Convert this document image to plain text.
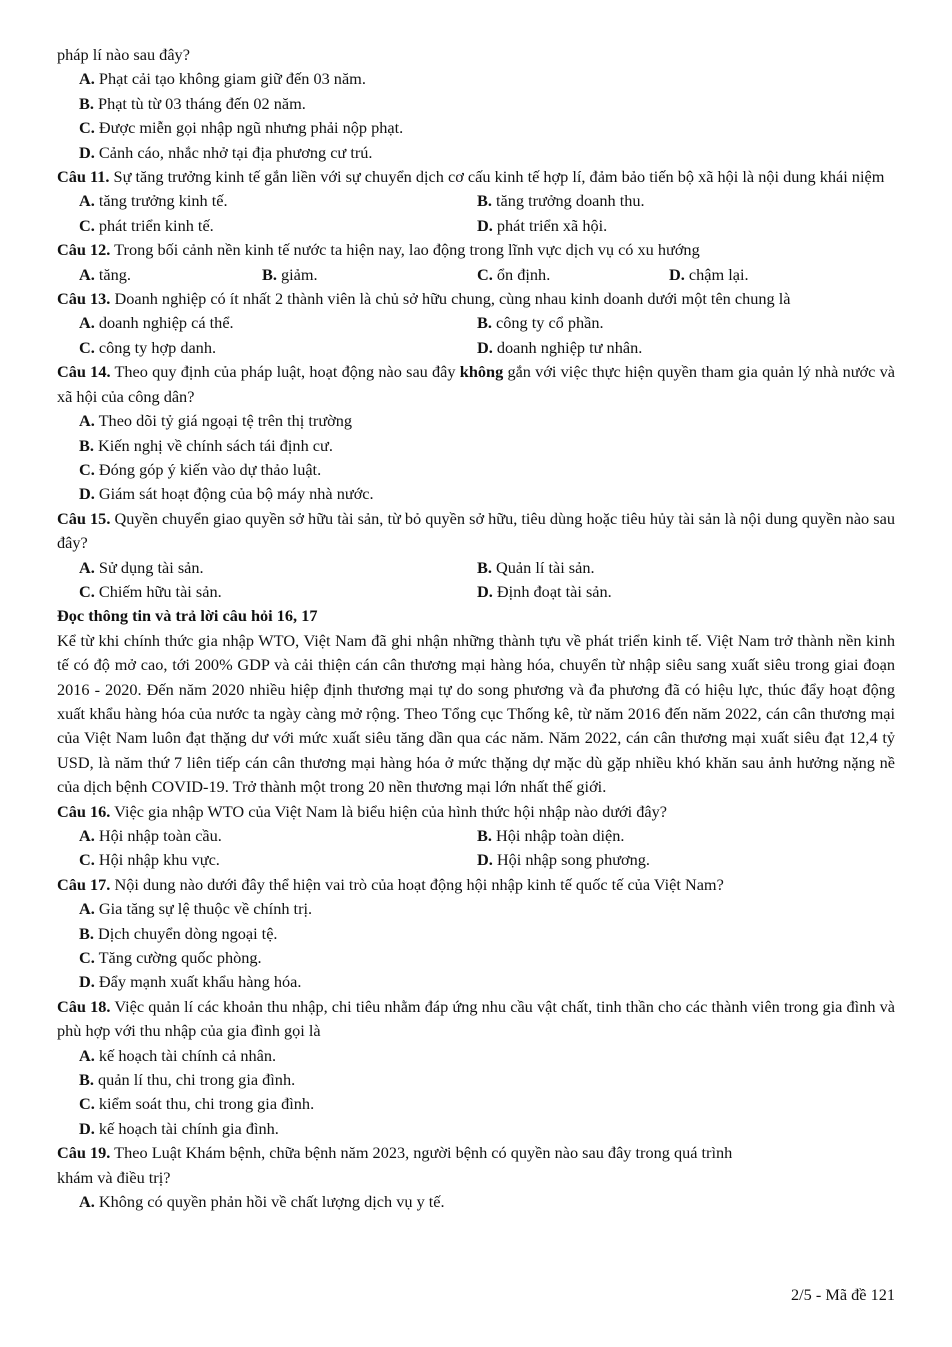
pháp lí nào sau đây?

A. Phạt cải tạo không giam giữ đến 03 năm.

B. Phạt tù từ 03 tháng đến 02 năm.

C. Được miễn gọi nhập ngũ nhưng phải nộp phạt.

D. Cảnh cáo, nhắc nhở tại địa phương cư trú.

Câu 11. Sự tăng trưởng kinh tế gắn liền với sự chuyển dịch cơ cấu kinh tế hợp lí, đảm bảo tiến bộ xã hội là nội dung khái niệm

A. tăng trưởng kinh tế.	B. tăng trưởng doanh thu.
C. phát triển kinh tế.	D. phát triển xã hội.

Câu 12. Trong bối cảnh nền kinh tế nước ta hiện nay, lao động trong lĩnh vực dịch vụ có xu hướng

A. tăng.	B. giảm.	C. ổn định.	D. chậm lại.

Câu 13. Doanh nghiệp có ít nhất 2 thành viên là chủ sở hữu chung, cùng nhau kinh doanh dưới một tên chung là

A. doanh nghiệp cá thể.	B. công ty cổ phần.
C. công ty hợp danh.	D. doanh nghiệp tư nhân.

Câu 14. Theo quy định của pháp luật, hoạt động nào sau đây không gắn với việc thực hiện quyền tham gia quản lý nhà nước và xã hội của công dân?

A. Theo dõi tỷ giá ngoại tệ trên thị trường

B. Kiến nghị về chính sách tái định cư.

C. Đóng góp ý kiến vào dự thảo luật.

D. Giám sát hoạt động của bộ máy nhà nước.

Câu 15. Quyền chuyển giao quyền sở hữu tài sản, từ bỏ quyền sở hữu, tiêu dùng hoặc tiêu hủy tài sản là nội dung quyền nào sau đây?

A. Sử dụng tài sản.	B. Quản lí tài sản.
C. Chiếm hữu tài sản.	D. Định đoạt tài sản.

Đọc thông tin và trả lời câu hỏi 16, 17

Kể từ khi chính thức gia nhập WTO, Việt Nam đã ghi nhận những thành tựu về phát triển kinh tế. Việt Nam trở thành nền kinh tế có độ mở cao, tới 200% GDP và cải thiện cán cân thương mại hàng hóa, chuyển từ nhập siêu sang xuất siêu trong giai đoạn 2016 - 2020. Đến năm 2020 nhiều hiệp định thương mại tự do song phương và đa phương đã có hiệu lực, thúc đẩy hoạt động xuất khẩu hàng hóa của nước ta ngày càng mở rộng. Theo Tổng cục Thống kê, từ năm 2016 đến năm 2022, cán cân thương mại của Việt Nam luôn đạt thặng dư với mức xuất siêu tăng dần qua các năm. Năm 2022, cán cân thương mại xuất siêu đạt 12,4 tỷ USD, là năm thứ 7 liên tiếp cán cân thương mại hàng hóa ở mức thặng dự mặc dù gặp nhiều khó khăn sau ảnh hưởng nặng nề của dịch bệnh COVID-19. Trở thành một trong 20 nền thương mại lớn nhất thế giới.

Câu 16. Việc gia nhập WTO của Việt Nam là biểu hiện của hình thức hội nhập nào dưới đây?

A. Hội nhập toàn cầu.	B. Hội nhập toàn diện.
C. Hội nhập khu vực.	D. Hội nhập song phương.

Câu 17. Nội dung nào dưới đây thể hiện vai trò của hoạt động hội nhập kinh tế quốc tế của Việt Nam?

A. Gia tăng sự lệ thuộc về chính trị.

B. Dịch chuyển dòng ngoại tệ.

C. Tăng cường quốc phòng.

D. Đẩy mạnh xuất khẩu hàng hóa.

Câu 18. Việc quản lí các khoản thu nhập, chi tiêu nhằm đáp ứng nhu cầu vật chất, tinh thần cho các thành viên trong gia đình và phù hợp với thu nhập của gia đình gọi là

A. kế hoạch tài chính cả nhân.

B. quản lí thu, chi trong gia đình.

C. kiểm soát thu, chi trong gia đình.

D. kế hoạch tài chính gia đình.

Câu 19. Theo Luật Khám bệnh, chữa bệnh năm 2023, người bệnh có quyền nào sau đây trong quá trình
khám và điều trị?

A. Không có quyền phản hồi về chất lượng dịch vụ y tế.

2/5 - Mã đề 121
